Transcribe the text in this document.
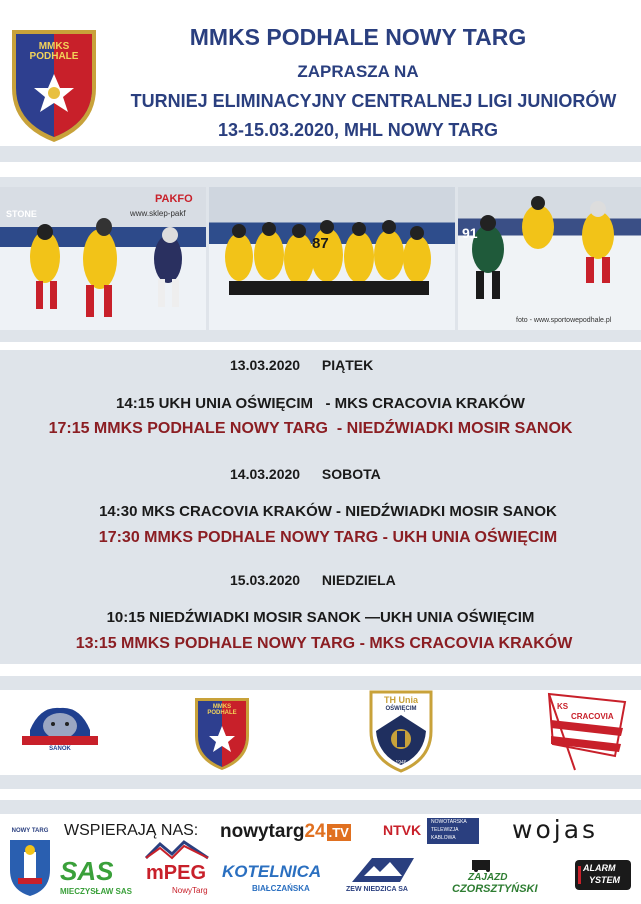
MMKS PODHALE
MMKS PODHALE NOWY TARG
ZAPRASZA NA
TURNIEJ ELIMINACYJNY CENTRALNEJ LIGI JUNIORÓW
13-15.03.2020, MHL NOWY TARG
PAKFO
www.sklep-pakf
STONE
87
91
foto - www.sportowepodhale.pl
13.03.2020 PIĄTEK
14:15 UKH UNIA OŚWIĘCIM   - MKS CRACOVIA KRAKÓW
17:15 MMKS PODHALE NOWY TARG  - NIEDŹWIADKI MOSIR SANOK
14.03.2020 SOBOTA
14:30 MKS CRACOVIA KRAKÓW - NIEDŹWIADKI MOSIR SANOK
17:30 MMKS PODHALE NOWY TARG - UKH UNIA OŚWIĘCIM
15.03.2020 NIEDZIELA
10:15 NIEDŹWIADKI MOSIR SANOK —UKH UNIA OŚWIĘCIM
13:15 MMKS PODHALE NOWY TARG - MKS CRACOVIA KRAKÓW
SANOK
MMKS PODHALE
TH Unia
OŚWIĘCIM
1946
KS
CRACOVIA
NOWY TARG WSPIERAJĄ NAS: nowytarg24 .TV NTVK NOWOTARSKA
TELEWIZJA
KABLOWA wojas
SAS
MIECZYSŁAW SAS
mPEG
NowyTarg
KOTELNICA
BIAŁCZAŃSKA	ZEW NIEDZICA SA
ZAJAZD
CZORSZTYŃSKI
ALARM
YSTEM
